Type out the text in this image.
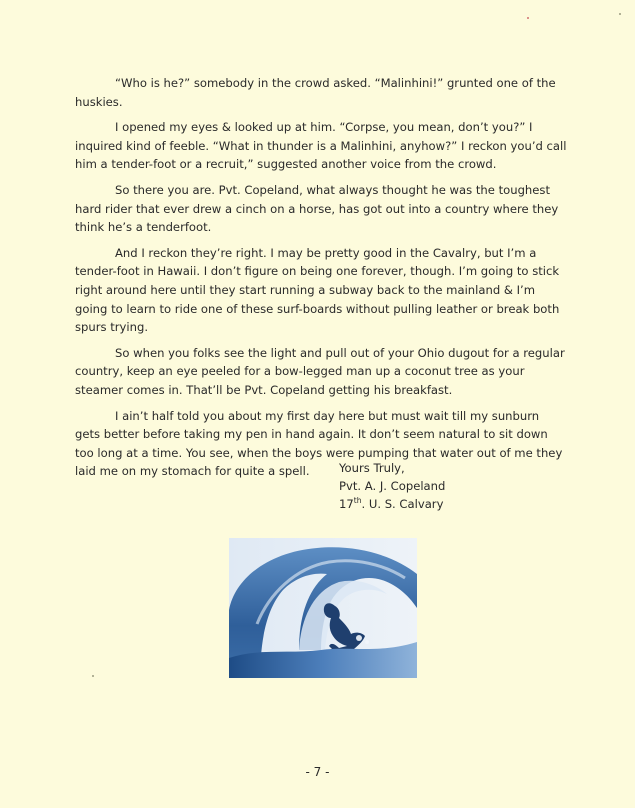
“Who is he?” somebody in the crowd asked. “Malinhini!” grunted one of the huskies.

I opened my eyes & looked up at him. “Corpse, you mean, don’t you?” I inquired kind of feeble. “What in thunder is a Malinhini, anyhow?” I reckon you’d call him a tender-foot or a recruit,” suggested another voice from the crowd.

So there you are. Pvt. Copeland, what always thought he was the toughest hard rider that ever drew a cinch on a horse, has got out into a country where they think he’s a tenderfoot.

And I reckon they’re right. I may be pretty good in the Cavalry, but I’m a tender-foot in Hawaii. I don’t figure on being one forever, though. I’m going to stick right around here until they start running a subway back to the mainland & I’m going to learn to ride one of these surf-boards without pulling leather or break both spurs trying.

So when you folks see the light and pull out of your Ohio dugout for a regular country, keep an eye peeled for a bow-legged man up a coconut tree as your steamer comes in. That’ll be Pvt. Copeland getting his breakfast.

I ain’t half told you about my first day here but must wait till my sunburn gets better before taking my pen in hand again. It don’t seem natural to sit down too long at a time. You see, when the boys were pumping that water out of me they laid me on my stomach for quite a spell.	Yours Truly,
Pvt. A. J. Copeland
17th. U. S. Calvary
- 7 -
